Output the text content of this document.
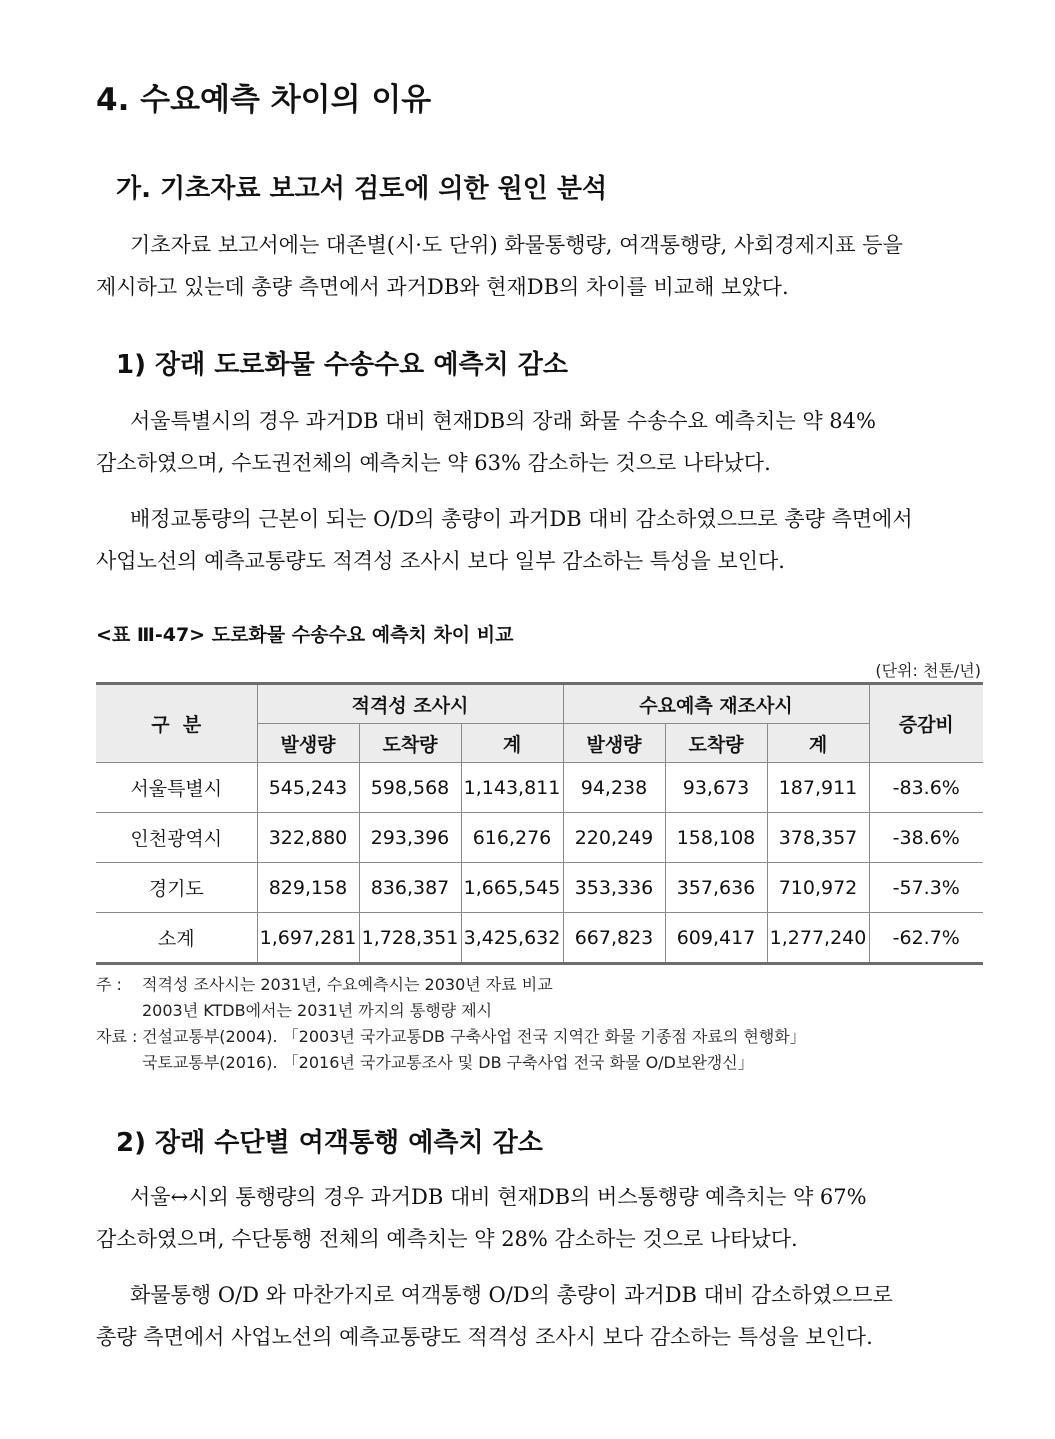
4. 수요예측 차이의 이유
가. 기초자료 보고서 검토에 의한 원인 분석
기초자료 보고서에는 대존별(시·도 단위) 화물통행량, 여객통행량, 사회경제지표 등을
제시하고 있는데 총량 측면에서 과거DB와 현재DB의 차이를 비교해 보았다.
1) 장래 도로화물 수송수요 예측치 감소
서울특별시의 경우 과거DB 대비 현재DB의 장래 화물 수송수요 예측치는 약 84%
감소하였으며, 수도권전체의 예측치는 약 63% 감소하는 것으로 나타났다.
배정교통량의 근본이 되는 O/D의 총량이 과거DB 대비 감소하였으므로 총량 측면에서
사업노선의 예측교통량도 적격성 조사시 보다 일부 감소하는 특성을 보인다.
<표 Ⅲ-47> 도로화물 수송수요 예측치 차이 비교
(단위: 천톤/년)
구  분	적격성 조사시			수요예측 재조사시			증감비
	발생량	도착량	계	발생량	도착량	계	
서울특별시	545,243	598,568	1,143,811	94,238	93,673	187,911	-83.6%
인천광역시	322,880	293,396	616,276	220,249	158,108	378,357	-38.6%
경기도	829,158	836,387	1,665,545	353,336	357,636	710,972	-57.3%
소계	1,697,281	1,728,351	3,425,632	667,823	609,417	1,277,240	-62.7%
주 : 적격성 조사시는 2031년, 수요예측시는 2030년 자료 비교
2003년 KTDB에서는 2031년 까지의 통행량 제시
자료 : 건설교통부(2004). 「2003년 국가교통DB 구축사업 전국 지역간 화물 기종점 자료의 현행화」
국토교통부(2016). 「2016년 국가교통조사 및 DB 구축사업 전국 화물 O/D보완갱신」
2) 장래 수단별 여객통행 예측치 감소
서울↔시외 통행량의 경우 과거DB 대비 현재DB의 버스통행량 예측치는 약 67%
감소하였으며, 수단통행 전체의 예측치는 약 28% 감소하는 것으로 나타났다.
화물통행 O/D 와 마찬가지로 여객통행 O/D의 총량이 과거DB 대비 감소하였으므로
총량 측면에서 사업노선의 예측교통량도 적격성 조사시 보다 감소하는 특성을 보인다.
